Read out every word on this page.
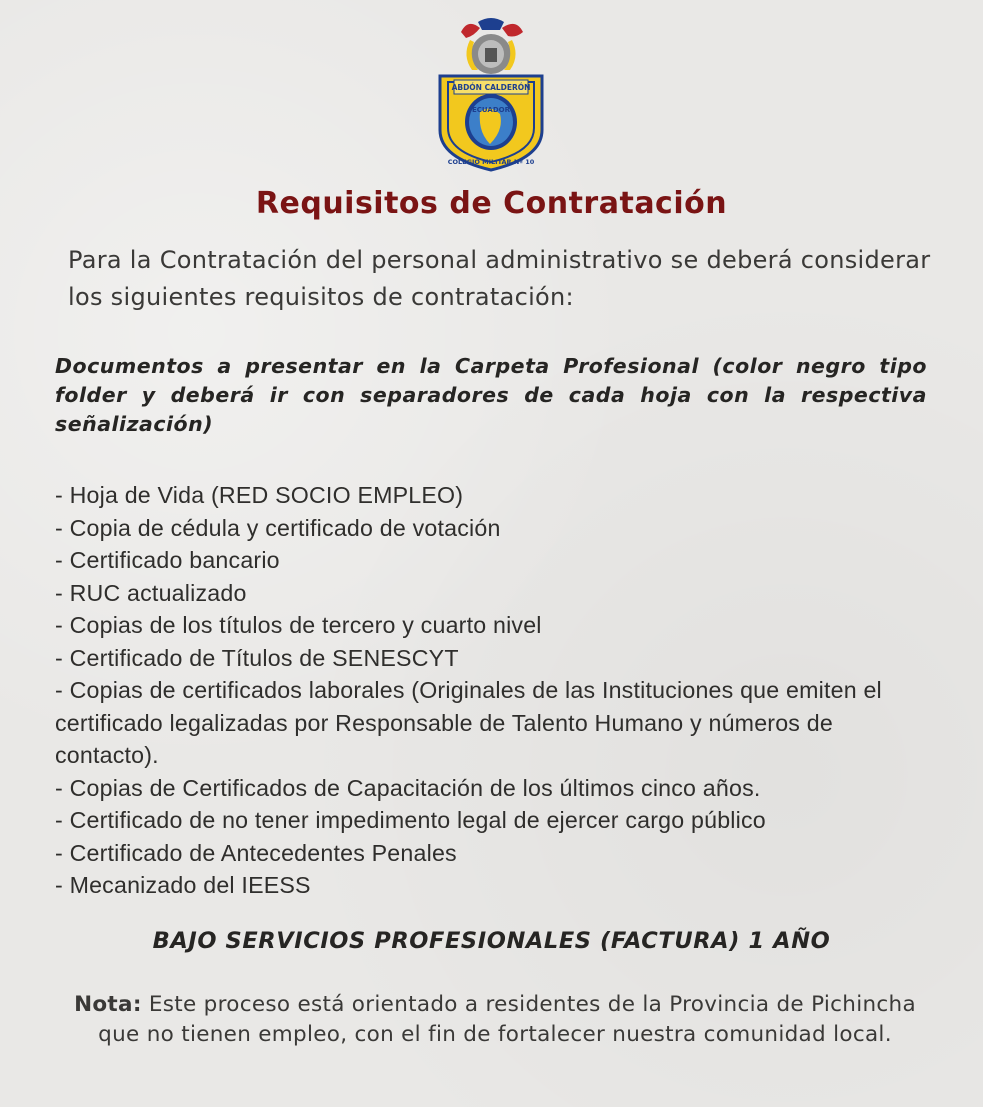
ABDÓN CALDERÓN
ECUADOR
COLEGIO MILITAR Nº 10
Requisitos de Contratación
Para la Contratación del personal administrativo se deberá considerar los siguientes requisitos de contratación:
Documentos a presentar en la Carpeta Profesional (color negro tipo folder y deberá ir con separadores de cada hoja con la respectiva señalización)
- Hoja de Vida (RED SOCIO EMPLEO)
- Copia de cédula y certificado de votación
- Certificado bancario
- RUC actualizado
- Copias de los títulos de tercero y cuarto nivel
- Certificado de Títulos de SENESCYT
- Copias de certificados laborales (Originales de las Instituciones que emiten el certificado legalizadas por Responsable de Talento Humano y números de contacto).
- Copias de Certificados de Capacitación de los últimos cinco años.
- Certificado de no tener impedimento legal de ejercer cargo público
- Certificado de Antecedentes Penales
- Mecanizado del IEESS
BAJO SERVICIOS PROFESIONALES (FACTURA) 1 AÑO
Nota: Este proceso está orientado a residentes de la Provincia de Pichincha que no tienen empleo, con el fin de fortalecer nuestra comunidad local.
